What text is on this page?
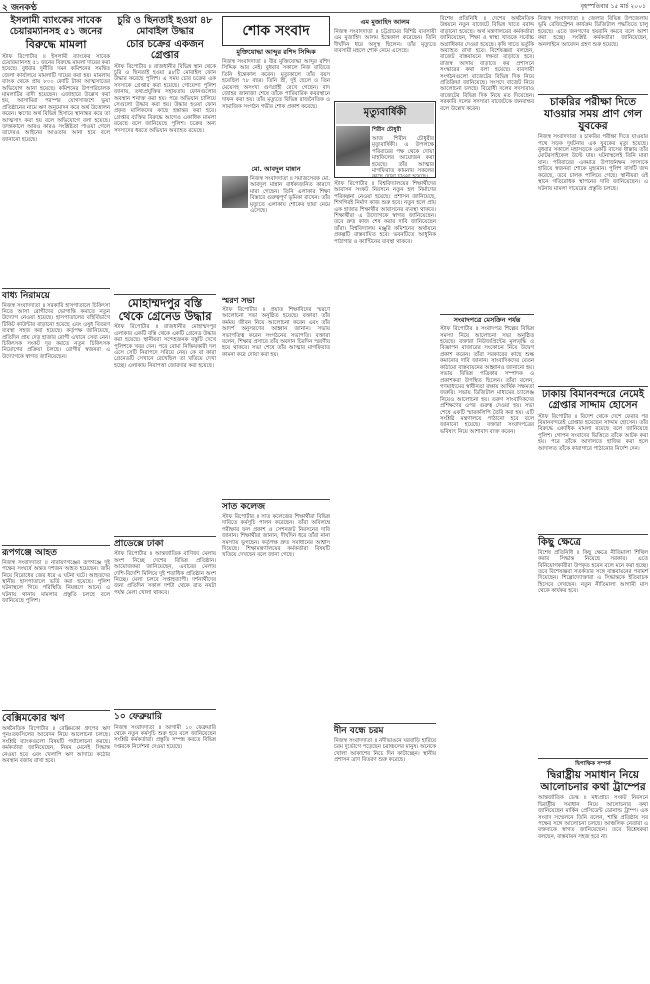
২ জনকণ্ঠ	বৃহস্পতিবার ১৫ মার্চ ২০০১
ইসলামী ব্যাংকের সাবেক চেয়ারম্যানসহ ৫১ জনের
বিরুদ্ধে মামলা

স্টাফ রিপোর্টার ॥ ইসলামী ব্যাংকের সাবেক চেয়ারম্যানসহ ৫১ জনের বিরুদ্ধে মামলা দায়ের করা হয়েছে। বুধবার দুর্নীতি দমন কমিশনের সমন্বিত জেলা কার্যালয়ে মামলাটি দায়ের করা হয়। মামলায় ব্যাংক থেকে প্রায় ৮০০ কোটি টাকা আত্মসাতের অভিযোগ আনা হয়েছে। কমিশনের উপপরিচালক মামলাটির বাদী হয়েছেন। এজাহারে উল্লেখ করা হয়, আসামিরা পরস্পর যোগসাজশে ভুয়া প্রতিষ্ঠানের নামে ঋণ অনুমোদন করে অর্থ উত্তোলন করেন। ঋণের অর্থ বিভিন্ন হিসাবে স্থানান্তর করে তা আত্মসাৎ করা হয় বলে অভিযোগে বলা হয়েছে। তদন্তকালে আরও কারও সংশ্লিষ্টতা পাওয়া গেলে তাদেরও আইনের আওতায় আনা হবে বলে জানানো হয়েছে।

বাধ্য নিরাময়ে

নিজস্ব সংবাদদাতা ॥ সরকারি হাসপাতালে চিকিৎসা নিতে আসা রোগীদের ভোগান্তি কমাতে নতুন উদ্যোগ নেওয়া হয়েছে। হাসপাতালের বহির্বিভাগে টিকিট কাউন্টার বাড়ানো হয়েছে এবং ওষুধ বিতরণ ব্যবস্থা সহজ করা হয়েছে। কর্তৃপক্ষ জানিয়েছে, প্রতিদিন প্রায় দেড় হাজার রোগী এখানে সেবা নেন। চিকিৎসক সংকট দূর করতে নতুন চিকিৎসক নিয়োগের প্রক্রিয়া চলছে। রোগীর স্বজনরা এ উদ্যোগকে স্বাগত জানিয়েছেন।

রূপগঞ্জে আহত

নিজস্ব সংবাদদাতা ॥ নারায়ণগঞ্জের রূপগঞ্জে দুই পক্ষের সংঘর্ষে অন্তত দশজন আহত হয়েছেন। জমি নিয়ে বিরোধের জের ধরে এ ঘটনা ঘটে। আহতদের স্থানীয় হাসপাতালে ভর্তি করা হয়েছে। পুলিশ ঘটনাস্থলে গিয়ে পরিস্থিতি নিয়ন্ত্রণে আনে। এ ঘটনায় থানায় মামলার প্রস্তুতি চলছে বলে জানিয়েছে পুলিশ।

বেক্সিমকোর ঋণ

অর্থনৈতিক রিপোর্টার ॥ বেক্সিমকো গ্রুপের ঋণ পুনঃতফসিলের আবেদন নিয়ে আলোচনা চলছে। সংশ্লিষ্ট ব্যাংকগুলো বিষয়টি পর্যালোচনা করছে। কর্মকর্তারা জানিয়েছেন, নিয়ম মেনেই সিদ্ধান্ত নেওয়া হবে এবং খেলাপি ঋণ আদায়ে কঠোর অবস্থান বজায় রাখা হবে।

চুরি ও ছিনতাই হওয়া ৪৮ মোবাইল উদ্ধার
চোর চক্রের একজন গ্রেপ্তার

স্টাফ রিপোর্টার ॥ রাজধানীর বিভিন্ন স্থান থেকে চুরি ও ছিনতাই হওয়া ৪৮টি মোবাইল ফোন উদ্ধার করেছে পুলিশ। এ সময় চোর চক্রের এক সদস্যকে গ্রেপ্তার করা হয়েছে। গোয়েন্দা পুলিশ জানায়, তথ্যপ্রযুক্তির সহায়তায় ফোনগুলোর অবস্থান শনাক্ত করা হয়। পরে অভিযান চালিয়ে সেগুলো উদ্ধার করা হয়। উদ্ধার হওয়া ফোন প্রকৃত মালিকদের কাছে হস্তান্তর করা হবে। গ্রেপ্তার ব্যক্তির বিরুদ্ধে আগেও একাধিক মামলা রয়েছে বলে জানিয়েছে পুলিশ। চক্রের অন্য সদস্যদের ধরতে অভিযান অব্যাহত রয়েছে।

মোহাম্মদপুর বস্তি থেকে গ্রেনেড উদ্ধার

স্টাফ রিপোর্টার ॥ রাজধানীর মোহাম্মদপুর এলাকার একটি বস্তি থেকে একটি গ্রেনেড উদ্ধার করা হয়েছে। স্থানীয়রা সন্দেহজনক বস্তুটি দেখে পুলিশকে খবর দেন। পরে বোমা নিষ্ক্রিয়কারী দল এসে সেটি নিরাপদে সরিয়ে নেয়। কে বা কারা গ্রেনেডটি সেখানে রেখেছিল তা খতিয়ে দেখা হচ্ছে। এলাকায় নিরাপত্তা জোরদার করা হয়েছে।

প্রাডেক্সে ঢাকা

স্টাফ রিপোর্টার ॥ আন্তর্জাতিক বাণিজ্য মেলায় অংশ নিচ্ছে দেশের বিভিন্ন প্রতিষ্ঠান। আয়োজকরা জানিয়েছেন, এবারের মেলায় দেশি-বিদেশি মিলিয়ে দুই শতাধিক প্রতিষ্ঠান অংশ নিচ্ছে। মেলা চলবে সপ্তাহব্যাপী। দর্শনার্থীদের জন্য প্রতিদিন সকাল দশটা থেকে রাত নয়টা পর্যন্ত মেলা খোলা থাকবে।

১০ ফেব্রুয়ারি

নিজস্ব সংবাদদাতা ॥ আগামী ১০ ফেব্রুয়ারি থেকে নতুন কর্মসূচি শুরু হবে বলে জানিয়েছেন সংশ্লিষ্ট কর্মকর্তারা। প্রস্তুতি সম্পন্ন করতে বিভিন্ন দপ্তরকে নির্দেশনা দেওয়া হয়েছে।

শোক সংবাদ
মুক্তিযোদ্ধা আব্দুর রশিদ সিদ্দিক

নিজস্ব সংবাদদাতা ॥ বীর মুক্তিযোদ্ধা আব্দুর রশিদ সিদ্দিক আর নেই। বুধবার সকালে নিজ বাড়িতে তিনি ইন্তেকাল করেন। মৃত্যুকালে তাঁর বয়স হয়েছিল ৭৮ বছর। তিনি স্ত্রী, দুই ছেলে ও তিন মেয়েসহ অসংখ্য গুণগ্রাহী রেখে গেছেন। বাদ জোহর জানাজা শেষে তাঁকে পারিবারিক কবরস্থানে দাফন করা হয়। তাঁর মৃত্যুতে বিভিন্ন রাজনৈতিক ও সামাজিক সংগঠন গভীর শোক প্রকাশ করেছে।

মো. আবদুল মান্নান

নিজস্ব সংবাদদাতা ॥ সমাজসেবক মো. আবদুল মান্নান বার্ধক্যজনিত কারণে মারা গেছেন। তিনি এলাকার শিক্ষা বিস্তারে গুরুত্বপূর্ণ ভূমিকা রাখেন। তাঁর মৃত্যুতে এলাকায় শোকের ছায়া নেমে এসেছে।

স্মরণ সভা

স্টাফ রিপোর্টার ॥ প্রয়াত শিক্ষাবিদের স্মরণে আলোচনা সভা অনুষ্ঠিত হয়েছে। বক্তারা তাঁর কর্মময় জীবন নিয়ে আলোচনা করেন এবং তাঁর আদর্শ অনুসরণের আহ্বান জানান। সভায় সভাপতিত্ব করেন সংগঠনের সভাপতি। বক্তারা বলেন, শিক্ষার প্রসারে তাঁর অবদান চিরদিন স্মরণীয় হয়ে থাকবে। সভা শেষে তাঁর আত্মার মাগফিরাত কামনা করে দোয়া করা হয়।

সাত কলেজ

স্টাফ রিপোর্টার ॥ সাত কলেজের শিক্ষার্থীরা বিভিন্ন দাবিতে কর্মসূচি পালন করেছেন। তাঁরা অবিলম্বে পরীক্ষার ফল প্রকাশ ও সেশনজট নিরসনের দাবি জানান। শিক্ষার্থীরা জানান, দীর্ঘদিন ধরে তাঁরা নানা সমস্যায় ভুগছেন। কর্তৃপক্ষ দ্রুত সমাধানের আশ্বাস দিয়েছে। শিক্ষামন্ত্রণালয়ের কর্মকর্তারা বিষয়টি খতিয়ে দেখছেন বলে জানা গেছে।

এম মুজাহিদ আলম

নিজস্ব সংবাদদাতা ॥ চট্টগ্রামের বিশিষ্ট ব্যবসায়ী এম মুজাহিদ আলম ইন্তেকাল করেছেন। তিনি দীর্ঘদিন ধরে অসুস্থ ছিলেন। তাঁর মৃত্যুতে ব্যবসায়ী মহলে শোক নেমে এসেছে।

মৃত্যুবার্ষিকী
শিরীন চৌধুরী

আজ শিরীন চৌধুরীর মৃত্যুবার্ষিকী। এ উপলক্ষে পরিবারের পক্ষ থেকে দোয়া মাহফিলের আয়োজন করা হয়েছে। তাঁর আত্মার মাগফিরাত কামনায় সকলের কাছে দোয়া চাওয়া হয়েছে।

স্টাফ রিপোর্টার ॥ বিশ্ববিদ্যালয়ের শিক্ষার্থীদের আবাসন সংকট নিরসনে নতুন হল নির্মাণের পরিকল্পনা নেওয়া হয়েছে। প্রশাসন জানিয়েছে, শিগগিরই নির্মাণ কাজ শুরু হবে। নতুন হলে প্রায় এক হাজার শিক্ষার্থীর আবাসনের ব্যবস্থা থাকবে। শিক্ষার্থীরা এ উদ্যোগকে স্বাগত জানিয়েছেন। তবে দ্রুত কাজ শেষ করার দাবি জানিয়েছেন তাঁরা। বিশ্ববিদ্যালয় মঞ্জুরি কমিশনের অর্থায়নে প্রকল্পটি বাস্তবায়িত হবে। ভবনটিতে আধুনিক পাঠাগার ও ক্যান্টিনের ব্যবস্থা থাকবে।

দীন বন্ধে চরম

নিজস্ব সংবাদদাতা ॥ নদীভাঙনে ঘরবাড়ি হারিয়ে চরম দুর্ভোগে পড়েছেন চরাঞ্চলের মানুষ। অনেকে খোলা আকাশের নিচে দিন কাটাচ্ছেন। স্থানীয় প্রশাসন ত্রাণ বিতরণ শুরু করেছে।

বিশেষ প্রতিনিধি ॥ দেশের অর্থনৈতিক উন্নয়নে নতুন বাজেটে বিভিন্ন খাতে বরাদ্দ বাড়ানো হয়েছে। অর্থ মন্ত্রণালয়ের কর্মকর্তারা জানিয়েছেন, শিক্ষা ও স্বাস্থ্য খাতকে সর্বোচ্চ অগ্রাধিকার দেওয়া হয়েছে। কৃষি খাতে ভর্তুকি অব্যাহত রাখা হবে। বিশেষজ্ঞরা বলছেন, বাজেট বাস্তবায়নে দক্ষতা বাড়াতে হবে। রাজস্ব আদায় বাড়াতে কর প্রশাসনে সংস্কারের কথা বলা হয়েছে। ব্যবসায়ী সংগঠনগুলো বাজেটের বিভিন্ন দিক নিয়ে প্রতিক্রিয়া জানিয়েছে। সংসদে বাজেট নিয়ে আলোচনা চলছে। বিরোধী দলের সদস্যরাও বাজেটের বিভিন্ন দিক নিয়ে মত দিয়েছেন। সরকারি দলের সদস্যরা বাজেটকে জনবান্ধব বলে উল্লেখ করেন।

সংবাদপত্রে মেসক্রিন পর্যন্ত

স্টাফ রিপোর্টার ॥ সংবাদপত্র শিল্পের বিভিন্ন সমস্যা নিয়ে আলোচনা সভা অনুষ্ঠিত হয়েছে। বক্তারা নিউজপ্রিন্টের মূল্যবৃদ্ধি ও বিজ্ঞাপন বাজারের সংকোচন নিয়ে উদ্বেগ প্রকাশ করেন। তাঁরা সরকারের কাছে শুল্ক কমানোর দাবি জানান। সাংবাদিকদের বেতন কাঠামো বাস্তবায়নের আহ্বানও জানানো হয়। সভায় বিভিন্ন পত্রিকার সম্পাদক ও প্রকাশকরা উপস্থিত ছিলেন। তাঁরা বলেন, গণমাধ্যমের স্বাধীনতা রক্ষায় আর্থিক সক্ষমতা জরুরি। সভায় ডিজিটাল মাধ্যমের চ্যালেঞ্জ নিয়েও আলোচনা হয়। তরুণ সাংবাদিকদের প্রশিক্ষণের ওপর গুরুত্ব দেওয়া হয়। সভা শেষে একটি স্মারকলিপি তৈরি করা হয়। এটি সংশ্লিষ্ট মন্ত্রণালয়ে পাঠানো হবে বলে জানানো হয়েছে। বক্তারা সংবাদপত্রের ভবিষ্যৎ নিয়ে আশাবাদ ব্যক্ত করেন।

নিজস্ব সংবাদদাতা ॥ জেলার বিভিন্ন উপজেলায় ভূমি রেজিস্ট্রেশন কার্যক্রম ডিজিটাল পদ্ধতিতে চালু হয়েছে। এতে জনগণের হয়রানি কমবে বলে আশা করা হচ্ছে। সংশ্লিষ্ট কর্মকর্তারা জানিয়েছেন, অনলাইনে আবেদন গ্রহণ শুরু হয়েছে।

চাকরির পরীক্ষা দিতে যাওয়ার সময় প্রাণ গেল যুবকের

নিজস্ব সংবাদদাতা ॥ চাকরির পরীক্ষা দিতে যাওয়ার পথে সড়ক দুর্ঘটনায় এক যুবকের মৃত্যু হয়েছে। বুধবার সকালে মহাসড়কে একটি বাসের ধাক্কায় তাঁর মোটরসাইকেল উল্টে যায়। ঘটনাস্থলেই তিনি মারা যান। পরিবারের একমাত্র উপার্জনক্ষম সদস্যকে হারিয়ে স্বজনরা শোকে মুহ্যমান। পুলিশ বাসটি জব্দ করেছে, তবে চালক পালিয়ে গেছে। স্থানীয়রা ওই স্থানে গতিরোধক স্থাপনের দাবি জানিয়েছেন। এ ঘটনায় মামলা দায়েরের প্রস্তুতি চলছে।

ঢাকায় বিমানবন্দরে নেমেই গ্রেপ্তার সাদ্দাম হোসেন

স্টাফ রিপোর্টার ॥ বিদেশ থেকে দেশে ফেরার পর বিমানবন্দরেই গ্রেপ্তার হয়েছেন সাদ্দাম হোসেন। তাঁর বিরুদ্ধে একাধিক মামলা রয়েছে বলে জানিয়েছে পুলিশ। গোপন সংবাদের ভিত্তিতে তাঁকে আটক করা হয়। পরে তাঁকে আদালতে হাজির করা হলে আদালত তাঁকে কারাগারে পাঠানোর নির্দেশ দেন।

কিছু ক্ষেত্রে

বিশেষ প্রতিনিধি ॥ কিছু ক্ষেত্রে নীতিমালা শিথিল করার সিদ্ধান্ত নিয়েছে সরকার। এতে বিনিয়োগকারীরা উপকৃত হবেন বলে মনে করা হচ্ছে। তবে বিশেষজ্ঞরা সতর্কতার সঙ্গে বাস্তবায়নের পরামর্শ দিয়েছেন। শিল্পোদ্যোক্তারা এ সিদ্ধান্তকে ইতিবাচক হিসেবে দেখছেন। নতুন নীতিমালা আগামী মাস থেকে কার্যকর হবে।

দ্বিপাক্ষিক সম্পর্ক
দ্বিরাষ্ট্রীয় সমাধান নিয়ে আলোচনার কথা ট্রাম্পের

আন্তর্জাতিক ডেস্ক ॥ মধ্যপ্রাচ্য সংকট নিরসনে দ্বিরাষ্ট্রীয় সমাধান নিয়ে আলোচনার কথা জানিয়েছেন মার্কিন প্রেসিডেন্ট ডোনাল্ড ট্রাম্প। এক সংবাদ সম্মেলনে তিনি বলেন, শান্তি প্রতিষ্ঠায় সব পক্ষের সঙ্গে আলোচনা চলছে। আঞ্চলিক নেতারা এ বক্তব্যকে স্বাগত জানিয়েছেন। তবে বিশ্লেষকরা বলছেন, বাস্তবায়ন সহজ হবে না।
